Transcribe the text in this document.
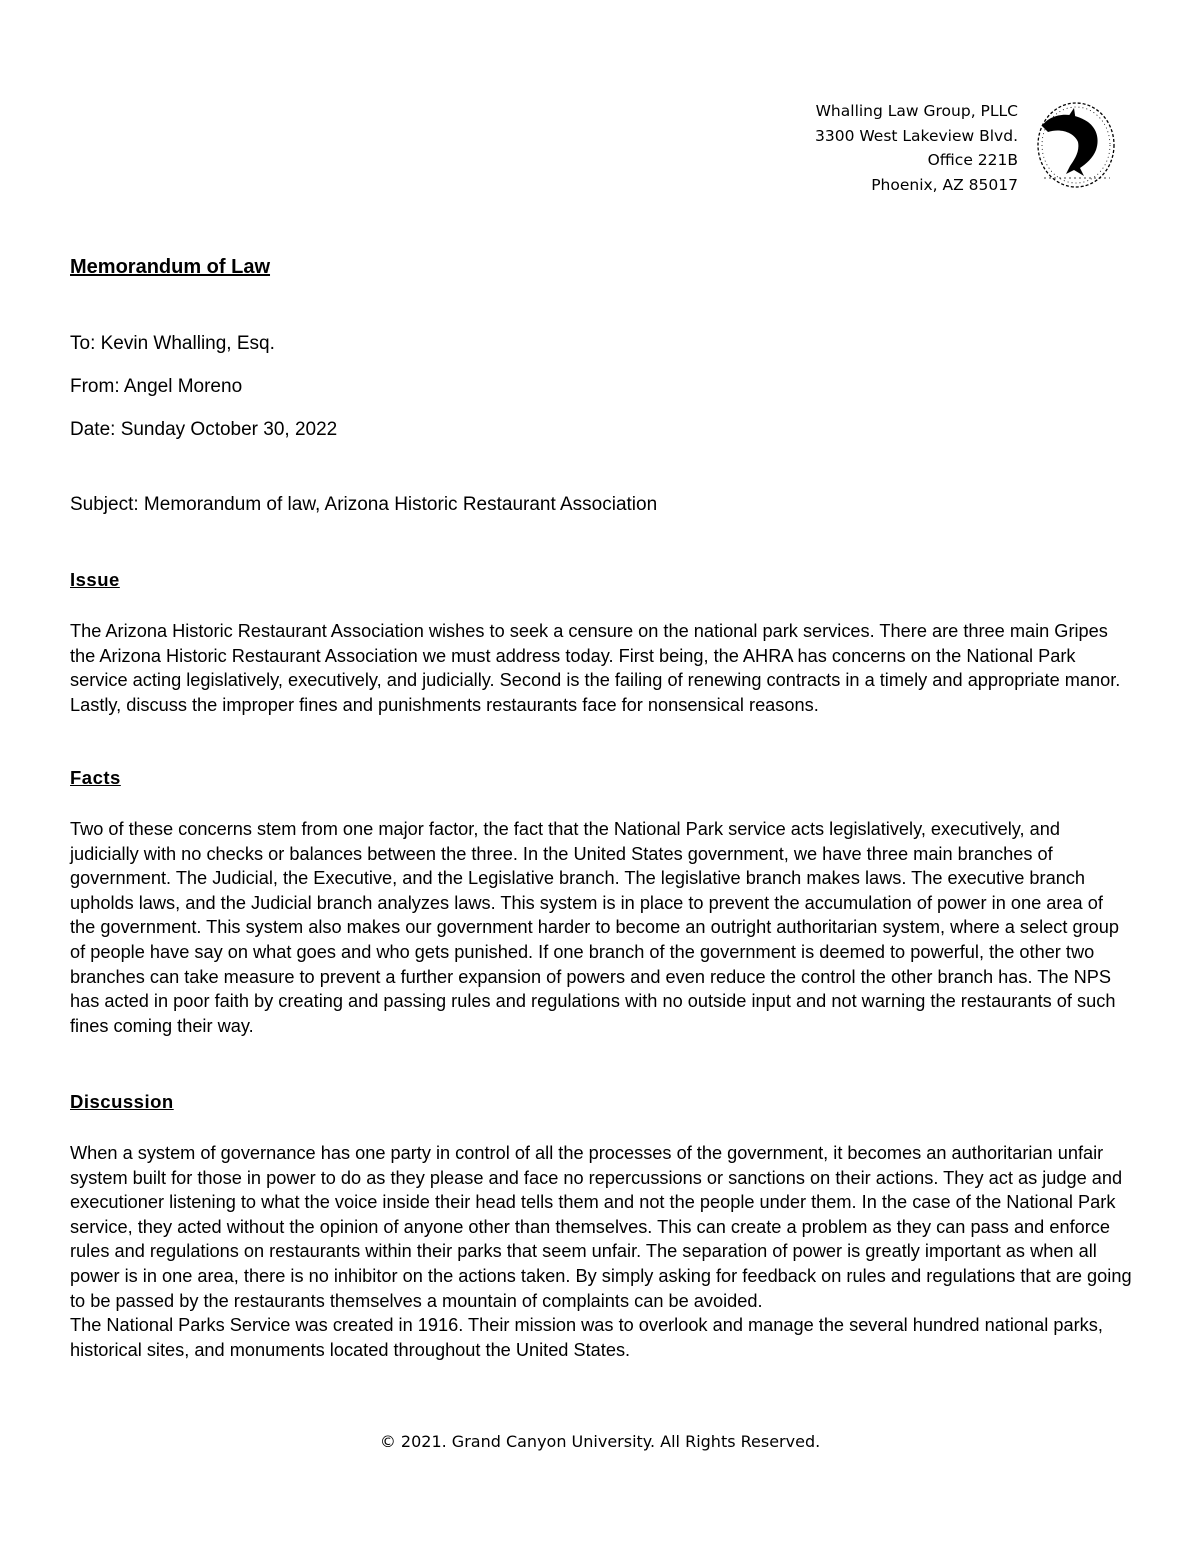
Whalling Law Group, PLLC
3300 West Lakeview Blvd.
Office 221B
Phoenix, AZ 85017
Memorandum of Law

To: Kevin Whalling, Esq.

From: Angel Moreno

Date: Sunday October 30, 2022

Subject: Memorandum of law, Arizona Historic Restaurant Association

Issue

The Arizona Historic Restaurant Association wishes to seek a censure on the national park services. There are three main Gripes the Arizona Historic Restaurant Association we must address today. First being, the AHRA has concerns on the National Park service acting legislatively, executively, and judicially. Second is the failing of renewing contracts in a timely and appropriate manor. Lastly, discuss the improper fines and punishments restaurants face for nonsensical reasons.

Facts

Two of these concerns stem from one major factor, the fact that the National Park service acts legislatively, executively, and judicially with no checks or balances between the three. In the United States government, we have three main branches of government. The Judicial, the Executive, and the Legislative branch. The legislative branch makes laws. The executive branch upholds laws, and the Judicial branch analyzes laws. This system is in place to prevent the accumulation of power in one area of the government. This system also makes our government harder to become an outright authoritarian system, where a select group of people have say on what goes and who gets punished. If one branch of the government is deemed to powerful, the other two branches can take measure to prevent a further expansion of powers and even reduce the control the other branch has. The NPS has acted in poor faith by creating and passing rules and regulations with no outside input and not warning the restaurants of such fines coming their way.

Discussion
When a system of governance has one party in control of all the processes of the government, it becomes an authoritarian unfair system built for those in power to do as they please and face no repercussions or sanctions on their actions. They act as judge and executioner listening to what the voice inside their head tells them and not the people under them. In the case of the National Park service, they acted without the opinion of anyone other than themselves. This can create a problem as they can pass and enforce rules and regulations on restaurants within their parks that seem unfair. The separation of power is greatly important as when all power is in one area, there is no inhibitor on the actions taken. By simply asking for feedback on rules and regulations that are going to be passed by the restaurants themselves a mountain of complaints can be avoided.
The National Parks Service was created in 1916. Their mission was to overlook and manage the several hundred national parks, historical sites, and monuments located throughout the United States.
© 2021. Grand Canyon University. All Rights Reserved.
